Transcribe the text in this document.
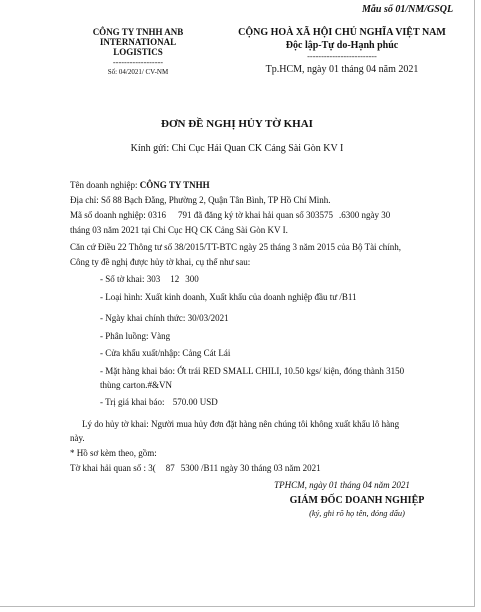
Mẫu số 01/NM/GSQL
CÔNG TY TNHH ANB
INTERNATIONAL
LOGISTICS
------------------
Số: 04/2021/ CV-NM
CỘNG HOÀ XÃ HỘI CHỦ NGHĨA VIỆT NAM
Độc lập-Tự do-Hạnh phúc
-------------------------
Tp.HCM, ngày 01 tháng 04 năm 2021
ĐƠN ĐỀ NGHỊ HỦY TỜ KHAI
Kính gửi: Chi Cục Hải Quan CK Cảng Sài Gòn KV I
Tên doanh nghiệp: CÔNG TY TNHH
Địa chỉ: Số 88 Bạch Đằng, Phường 2, Quận Tân Bình, TP Hồ Chí Minh.
Mã số doanh nghiệp: 0316 791 đã đăng ký tờ khai hải quan số 303575 .6300 ngày 30
tháng 03 năm 2021 tại Chi Cục HQ CK Cảng Sài Gòn KV I.
Căn cứ Điều 22 Thông tư số 38/2015/TT-BTC ngày 25 tháng 3 năm 2015 của Bộ Tài chính,
Công ty đề nghị được hủy tờ khai, cụ thể như sau:
- Số tờ khai: 303 12 300
- Loại hình: Xuất kinh doanh, Xuất khẩu của doanh nghiệp đầu tư /B11
- Ngày khai chính thức: 30/03/2021
- Phân luồng: Vàng
- Cửa khẩu xuất/nhập: Cảng Cát Lái
- Mặt hàng khai báo: Ớt trái RED SMALL CHILI, 10.50 kgs/ kiện, đóng thành 3150
thùng carton.#&VN
- Trị giá khai báo: 570.00 USD
Lý do hủy tờ khai: Người mua hủy đơn đặt hàng nên chúng tôi không xuất khẩu lô hàng
này.
* Hồ sơ kèm theo, gồm:
Tờ khai hải quan số : 3( 87 5300 /B11 ngày 30 tháng 03 năm 2021
TPHCM, ngày 01 tháng 04 năm 2021
GIÁM ĐỐC DOANH NGHIỆP
(ký, ghi rõ họ tên, đóng dấu)
